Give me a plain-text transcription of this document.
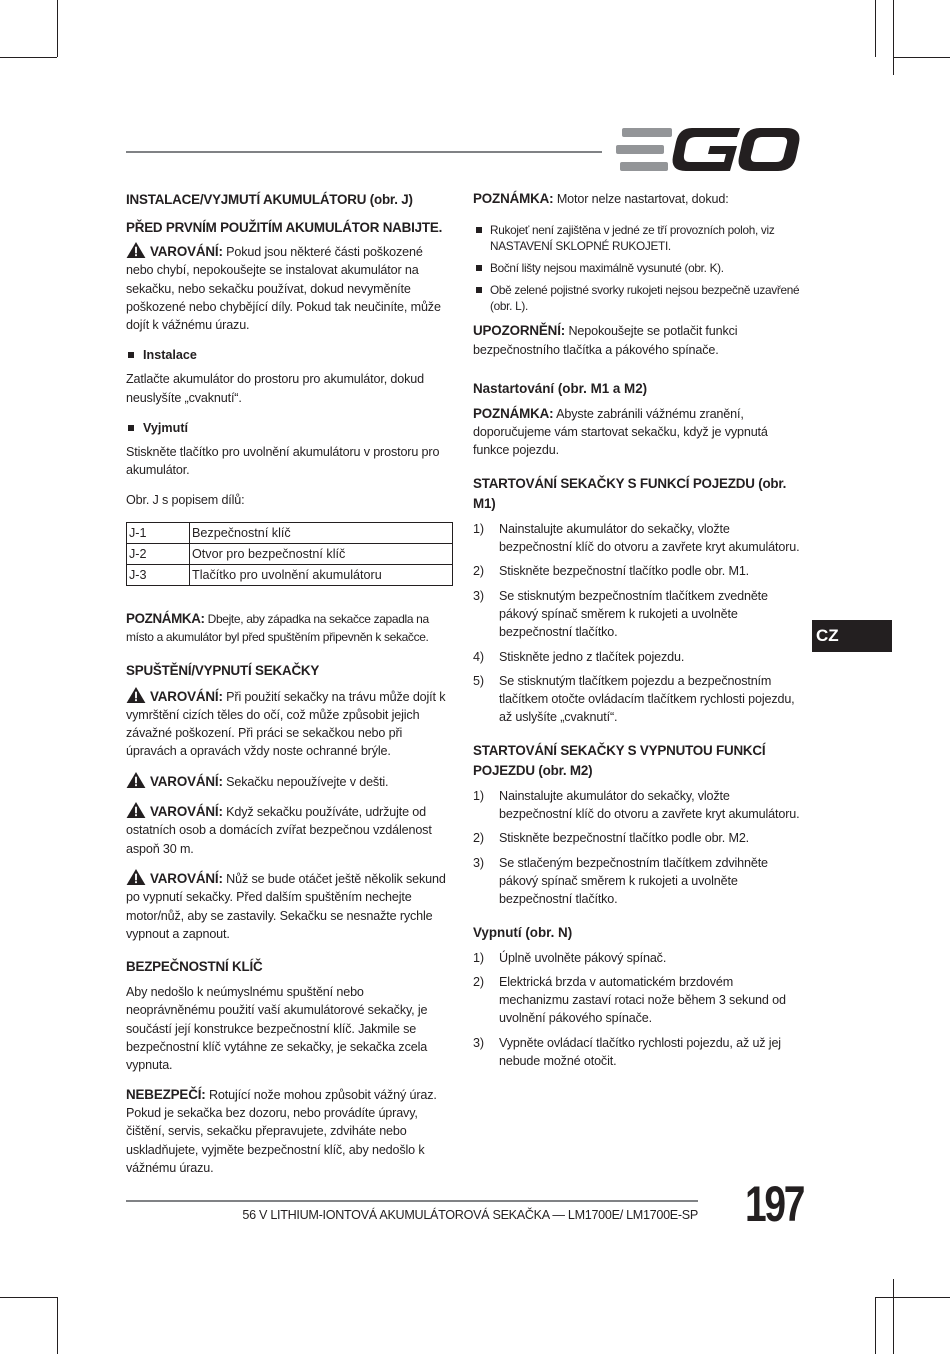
INSTALACE/VYJMUTÍ AKUMULÁTORU (obr. J)
PŘED PRVNÍM POUŽITÍM AKUMULÁTOR NABIJTE.

VAROVÁNÍ: Pokud jsou některé části poškozené nebo chybí, nepokoušejte se instalovat akumulátor na sekačku, nebo sekačku používat, dokud nevyměníte poškozené nebo chybějící díly. Pokud tak neučiníte, může dojít k vážnému úrazu.

Instalace

Zatlačte akumulátor do prostoru pro akumulátor, dokud neuslyšíte „cvaknutí“.

Vyjmutí

Stiskněte tlačítko pro uvolnění akumulátoru v prostoru pro akumulátor.

Obr. J s popisem dílů:

J-1	Bezpečnostní klíč
J-2	Otvor pro bezpečnostní klíč
J-3	Tlačítko pro uvolnění akumulátoru

POZNÁMKA: Dbejte, aby západka na sekačce zapadla na místo a akumulátor byl před spuštěním připevněn k sekačce.

SPUŠTĚNÍ/VYPNUTÍ SEKAČKY

VAROVÁNÍ: Při použití sekačky na trávu může dojít k vymrštění cizích těles do očí, což může způsobit jejich závažné poškození. Při práci se sekačkou nebo při úpravách a opravách vždy noste ochranné brýle.

VAROVÁNÍ: Sekačku nepoužívejte v dešti.

VAROVÁNÍ: Když sekačku používáte, udržujte od ostatních osob a domácích zvířat bezpečnou vzdálenost aspoň 30 m.

VAROVÁNÍ: Nůž se bude otáčet ještě několik sekund po vypnutí sekačky. Před dalším spuštěním nechejte motor/nůž, aby se zastavily. Sekačku se nesnažte rychle vypnout a zapnout.

BEZPEČNOSTNÍ KLÍČ

Aby nedošlo k neúmyslnému spuštění nebo neoprávněnému použití vaší akumulátorové sekačky, je součástí její konstrukce bezpečnostní klíč. Jakmile se bezpečnostní klíč vytáhne ze sekačky, je sekačka zcela vypnuta.

NEBEZPEČÍ: Rotující nože mohou způsobit vážný úraz. Pokud je sekačka bez dozoru, nebo provádíte úpravy, čištění, servis, sekačku přepravujete, zdviháte nebo uskladňujete, vyjměte bezpečnostní klíč, aby nedošlo k vážnému úrazu.

POZNÁMKA: Motor nelze nastartovat, dokud:

Rukojeť není zajištěna v jedné ze tří provozních poloh, viz NASTAVENÍ SKLOPNÉ RUKOJETI.
Boční lišty nejsou maximálně vysunuté (obr. K).
Obě zelené pojistné svorky rukojeti nejsou bezpečně uzavřené (obr. L).

UPOZORNĚNÍ: Nepokoušejte se potlačit funkci bezpečnostního tlačítka a pákového spínače.

Nastartování (obr. M1 a M2)

POZNÁMKA: Abyste zabránili vážnému zranění, doporučujeme vám startovat sekačku, když je vypnutá funkce pojezdu.

STARTOVÁNÍ SEKAČKY S FUNKCÍ POJEZDU (obr. M1)
1)	Nainstalujte akumulátor do sekačky, vložte bezpečnostní klíč do otvoru a zavřete kryt akumulátoru.
2)	Stiskněte bezpečnostní tlačítko podle obr. M1.
3)	Se stisknutým bezpečnostním tlačítkem zvedněte pákový spínač směrem k rukojeti a uvolněte bezpečnostní tlačítko.
4)	Stiskněte jedno z tlačítek pojezdu.
5)	Se stisknutým tlačítkem pojezdu a bezpečnostním tlačítkem otočte ovládacím tlačítkem rychlosti pojezdu, až uslyšíte „cvaknutí“.
STARTOVÁNÍ SEKAČKY S VYPNUTOU FUNKCÍ POJEZDU (obr. M2)
1)	Nainstalujte akumulátor do sekačky, vložte bezpečnostní klíč do otvoru a zavřete kryt akumulátoru.
2)	Stiskněte bezpečnostní tlačítko podle obr. M2.
3)	Se stlačeným bezpečnostním tlačítkem zdvihněte pákový spínač směrem k rukojeti a uvolněte bezpečnostní tlačítko.
Vypnutí (obr. N)
1)	Úplně uvolněte pákový spínač.
2)	Elektrická brzda v automatickém brzdovém mechanizmu zastaví rotaci nože během 3 sekund od uvolnění pákového spínače.
3)	Vypněte ovládací tlačítko rychlosti pojezdu, až už jej nebude možné otočit.
CZ
56 V LITHIUM-IONTOVÁ AKUMULÁTOROVÁ SEKAČKA — LM1700E/ LM1700E-SP 197
